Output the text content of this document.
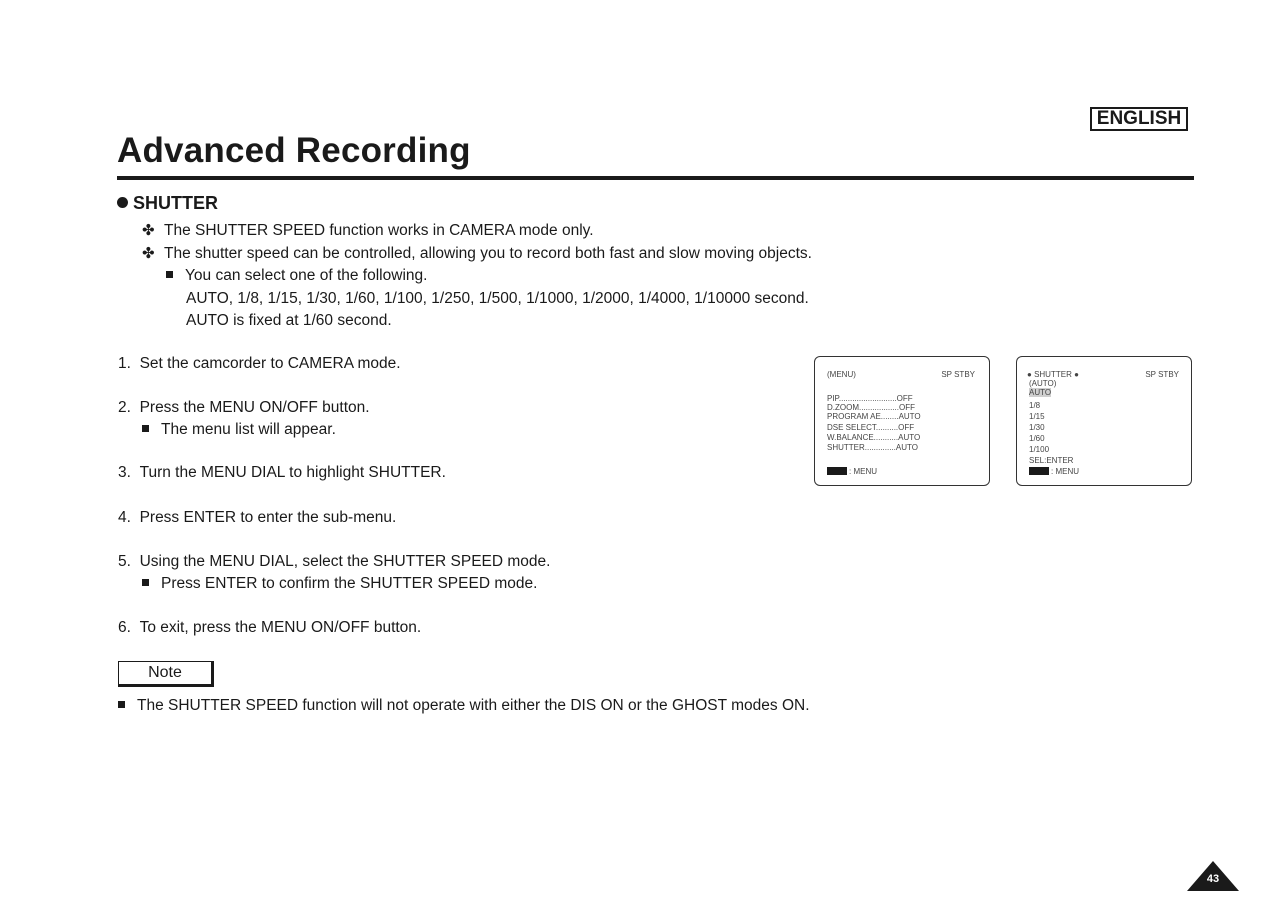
ENGLISH
Advanced Recording
SHUTTER
✤ The SHUTTER SPEED function works in CAMERA mode only.
✤ The shutter speed can be controlled, allowing you to record both fast and slow moving objects.
You can select one of the following.
AUTO, 1/8, 1/15, 1/30, 1/60, 1/100, 1/250, 1/500, 1/1000, 1/2000, 1/4000, 1/10000 second.
AUTO is fixed at 1/60 second.
1. Set the camcorder to CAMERA mode.
2. Press the MENU ON/OFF button.
The menu list will appear.
3. Turn the MENU DIAL to highlight SHUTTER.
4. Press ENTER to enter the sub-menu.
5. Using the MENU DIAL, select the SHUTTER SPEED mode.
Press ENTER to confirm the SHUTTER SPEED mode.
6. To exit, press the MENU ON/OFF button.
(MENU)	SP STBY
PIP..........................OFF
D.ZOOM..................OFF
PROGRAM AE........AUTO
DSE SELECT..........OFF
W.BALANCE...........AUTO
SHUTTER..............AUTO
: MENU
● SHUTTER ●	SP STBY
(AUTO)
AUTO
1/8
1/15
1/30
1/60
1/100
SEL:ENTER
: MENU
Note
The SHUTTER SPEED function will not operate with either the DIS ON or the GHOST modes ON.
43
